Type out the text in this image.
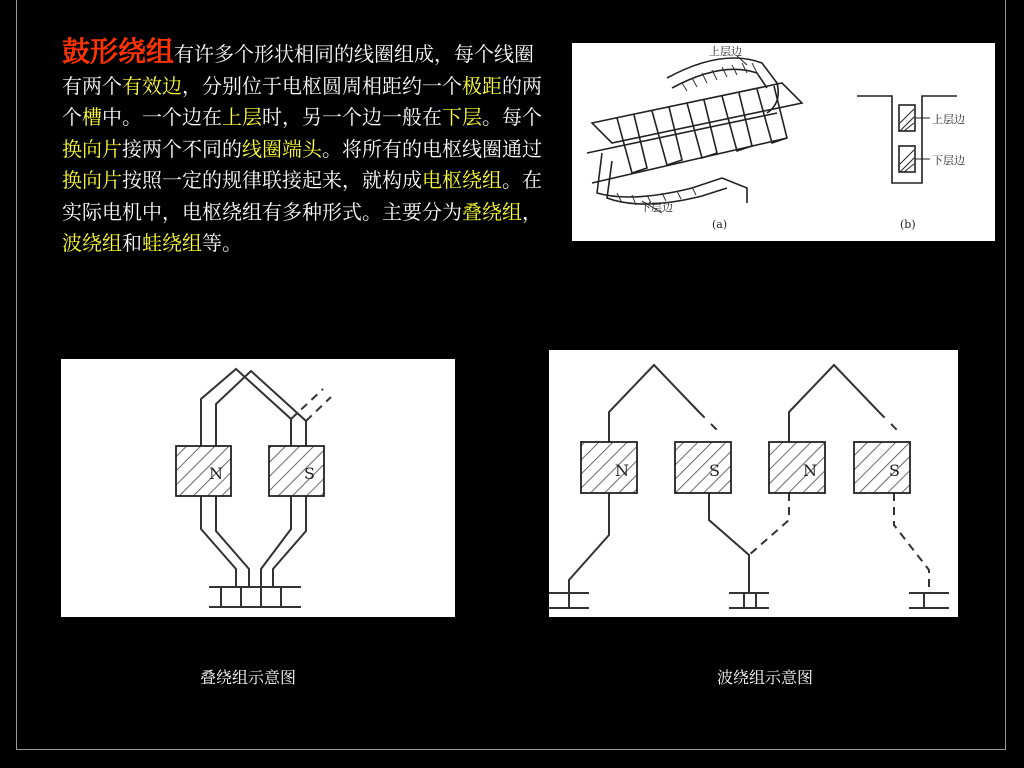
鼓形绕组有许多个形状相同的线圈组成，每个线圈有两个有效边，分别位于电枢圆周相距约一个极距的两个槽中。一个边在上层时，另一个边一般在下层。每个换向片接两个不同的线圈端头。将所有的电枢线圈通过换向片按照一定的规律联接起来，就构成电枢绕组。在实际电机中，电枢绕组有多种形式。主要分为叠绕组，波绕组和蛙绕组等。
上层边
下层边
(a)
上层边
下层边
(b)
N	S	N	S	N	S
叠绕组示意图	波绕组示意图
